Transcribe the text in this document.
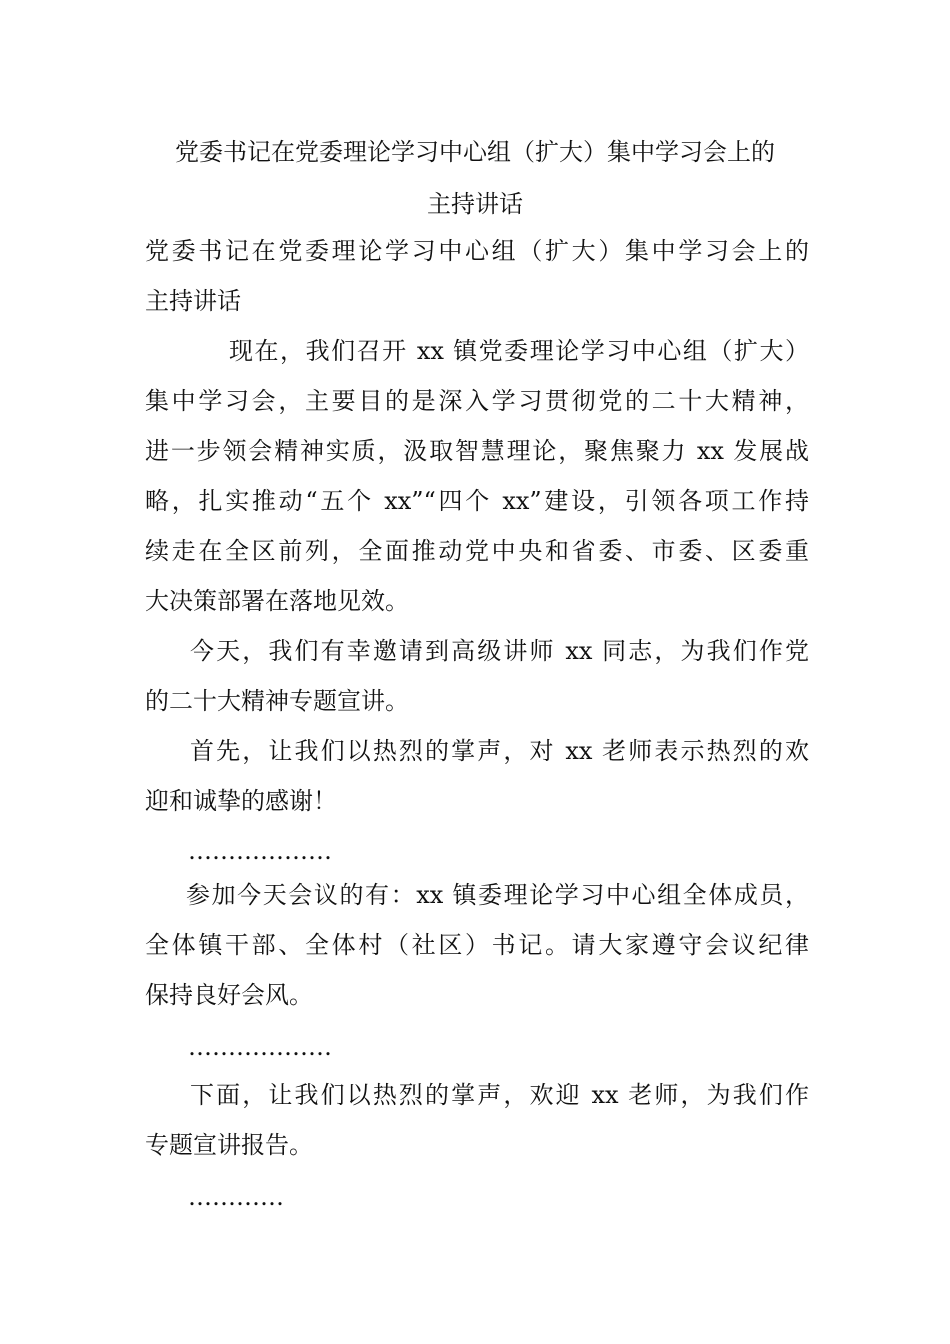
党委书记在党委理论学习中心组（扩大）集中学习会上的
主持讲话
党委书记在党委理论学习中心组（扩大）集中学习会上的
主持讲话
现在，我们召开 xx 镇党委理论学习中心组（扩大）
集中学习会，主要目的是深入学习贯彻党的二十大精神，
进一步领会精神实质，汲取智慧理论，聚焦聚力 xx 发展战
略，扎实推动“五个 xx”“四个 xx”建设，引领各项工作持
续走在全区前列，全面推动党中央和省委、市委、区委重
大决策部署在落地见效。
今天，我们有幸邀请到高级讲师 xx 同志，为我们作党
的二十大精神专题宣讲。
首先，让我们以热烈的掌声，对 xx 老师表示热烈的欢
迎和诚挚的感谢！
………………
参加今天会议的有：xx 镇委理论学习中心组全体成员，
全体镇干部、全体村（社区）书记。请大家遵守会议纪律
保持良好会风。
………………
下面，让我们以热烈的掌声，欢迎 xx 老师，为我们作
专题宣讲报告。
…………
